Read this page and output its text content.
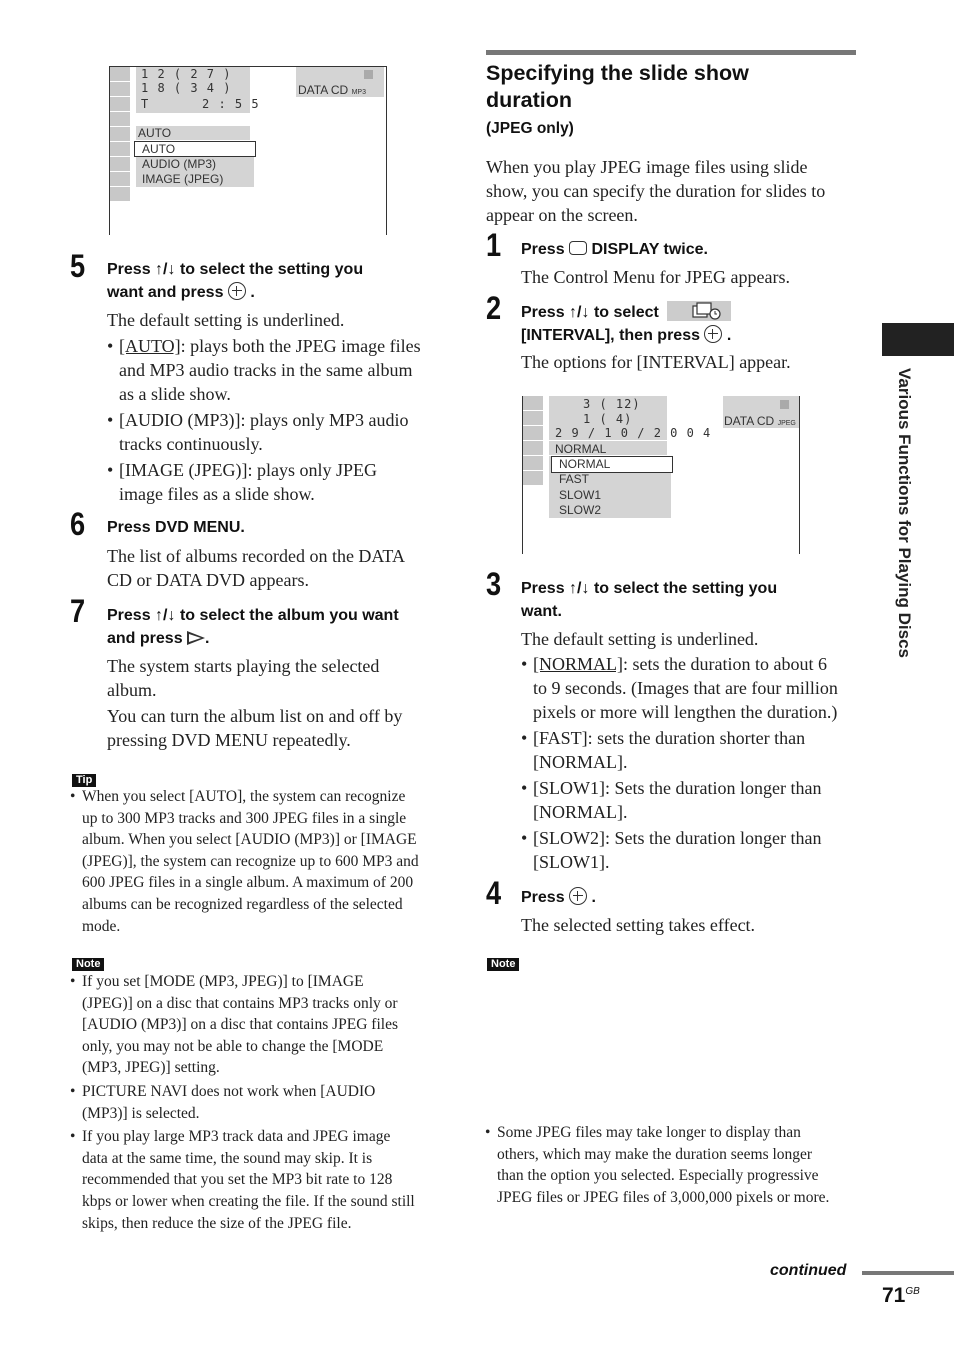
1 2 ( 2 7 )
1 8 ( 3 4 )
T	2 : 5 5
DATA CD MP3
AUTO
AUTO
AUDIO (MP3)
IMAGE (JPEG)
5 Press ↑/↓ to select the setting you
want and press .
The default setting is underlined.
• [AUTO]: plays both the JPEG image files
and MP3 audio tracks in the same album
as a slide show.
• [AUDIO (MP3)]: plays only MP3 audio
tracks continuously.
• [IMAGE (JPEG)]: plays only JPEG
image files as a slide show.
6 Press DVD MENU.
The list of albums recorded on the DATA
CD or DATA DVD appears.
7 Press ↑/↓ to select the album you want
and press .
The system starts playing the selected
album.
You can turn the album list on and off by
pressing DVD MENU repeatedly.
Tip
• When you select [AUTO], the system can recognize
up to 300 MP3 tracks and 300 JPEG files in a single
album. When you select [AUDIO (MP3)] or [IMAGE
(JPEG)], the system can recognize up to 600 MP3 and
600 JPEG files in a single album. A maximum of 200
albums can be recognized regardless of the selected
mode.
Note
• If you set [MODE (MP3, JPEG)] to [IMAGE
(JPEG)] on a disc that contains MP3 tracks only or
[AUDIO (MP3)] on a disc that contains JPEG files
only, you may not be able to change the [MODE
(MP3, JPEG)] setting.
• PICTURE NAVI does not work when [AUDIO
(MP3)] is selected.
• If you play large MP3 track data and JPEG image
data at the same time, the sound may skip. It is
recommended that you set the MP3 bit rate to 128
kbps or lower when creating the file. If the sound still
skips, then reduce the size of the JPEG file.
Specifying the slide show
duration
(JPEG only)
When you play JPEG image files using slide
show, you can specify the duration for slides to
appear on the screen.
1 Press DISPLAY twice.
The Control Menu for JPEG appears.
2 Press ↑/↓ to select
[INTERVAL], then press .
The options for [INTERVAL] appear.
3 ( 12)
1 ( 4)
2 9 / 1 0 / 2 0 0 4
DATA CD JPEG
NORMAL
NORMAL
FAST
SLOW1
SLOW2
3 Press ↑/↓ to select the setting you
want.
The default setting is underlined.
• [NORMAL]: sets the duration to about 6
to 9 seconds. (Images that are four million
pixels or more will lengthen the duration.)
• [FAST]: sets the duration shorter than
[NORMAL].
• [SLOW1]: Sets the duration longer than
[NORMAL].
• [SLOW2]: Sets the duration longer than
[SLOW1].
4 Press .
The selected setting takes effect.
Note
• Some JPEG files may take longer to display than
others, which may make the duration seems longer
than the option you selected. Especially progressive
JPEG files or JPEG files of 3,000,000 pixels or more.
Various Functions for Playing Discs
continued
$71^{GB}$
